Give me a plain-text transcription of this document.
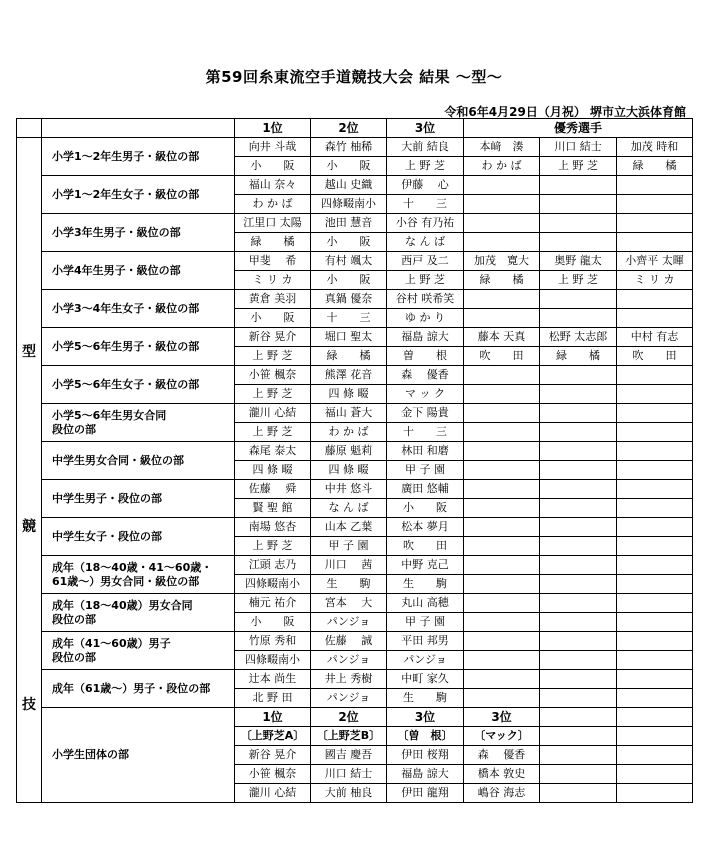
第59回糸東流空手道競技大会 結果 〜型〜
令和6年4月29日（月祝） 堺市立大浜体育館
		1位	2位	3位	優秀選手		

型
競
技	小学1〜2年生男子・級位の部	向井 斗哉	森竹 柚稀	大前 結良	本﨑　湊	川口 結士	加茂 時和
		小　　阪	小　　阪	上 野 芝	わ か ば	上 野 芝	緑　　橘
	小学1〜2年生女子・級位の部	福山 奈々	越山 史織	伊藤　 心			
		わ か ば	四條畷南小	十　　三			
	小学3年生男子・級位の部	江里口 太陽	池田 慧音	小谷 有乃祐			
		緑　　橘	小　　阪	な ん ば			
	小学4年生男子・級位の部	甲斐　 希	有村 颯太	西戸 及二	加茂　寛大	奥野 龍太	小齊平 太暉
		ミ リ カ	小　　阪	上 野 芝	緑　　橘	上 野 芝	ミ リ カ
	小学3〜4年生女子・級位の部	黄倉 美羽	真鍋 優奈	谷村 咲希笑			
		小　　阪	十　　三	ゆ か り			
	小学5〜6年生男子・級位の部	新谷 晃介	堀口 聖太	福島 諒大	藤本 天真	松野 太志郎	中村 有志
		上 野 芝	緑　　橘	曽　　根	吹　　田	緑　　橘	吹　　田
	小学5〜6年生女子・級位の部	小笹 楓奈	熊澤 花音	森　 優香			
		上 野 芝	四 條 畷	マ ッ ク			
	小学5〜6年生男女合同
段位の部	瀧川 心結	福山 蒼大	金下 陽貴			
		上 野 芝	わ か ば	十　　三			
	中学生男女合同・級位の部	森尾 泰太	藤原 魁莉	林田 和磨			
		四 條 畷	四 條 畷	甲 子 園			
	中学生男子・段位の部	佐藤　 舜	中井 悠斗	廣田 悠輔			
		賢 聖 館	な ん ば	小　　阪			
	中学生女子・段位の部	南場 悠杏	山本 乙葉	松本 夢月			
		上 野 芝	甲 子 園	吹　　田			
	成年（18〜40歳・41〜60歳・
61歳〜）男女合同・級位の部	江頭 志乃	川口　 茜	中野 克己			
		四條畷南小	生　　駒	生　　駒			
	成年（18〜40歳）男女合同
段位の部	楠元 祐介	宮本　 大	丸山 高穂			
		小　　阪	パンジョ	甲 子 園			
	成年（41〜60歳）男子
段位の部	竹原 秀和	佐藤　 誠	平田 邦男			
		四條畷南小	パンジョ	パンジョ			
	成年（61歳〜）男子・段位の部	辻本 尚生	井上 秀樹	中町 家久			
		北 野 田	パンジョ	生　　駒			
	小学生団体の部	1位	2位	3位	3位		
		〔上野芝A〕	〔上野芝B〕	〔曽　根〕	〔マック〕		
		新谷 晃介	國吉 慶吾	伊田 桜翔	森　 優香		
		小笹 楓奈	川口 結士	福島 諒大	橋本 敦史		
		瀧川 心結	大前 柚良	伊田 龍翔	嶋谷 海志		
